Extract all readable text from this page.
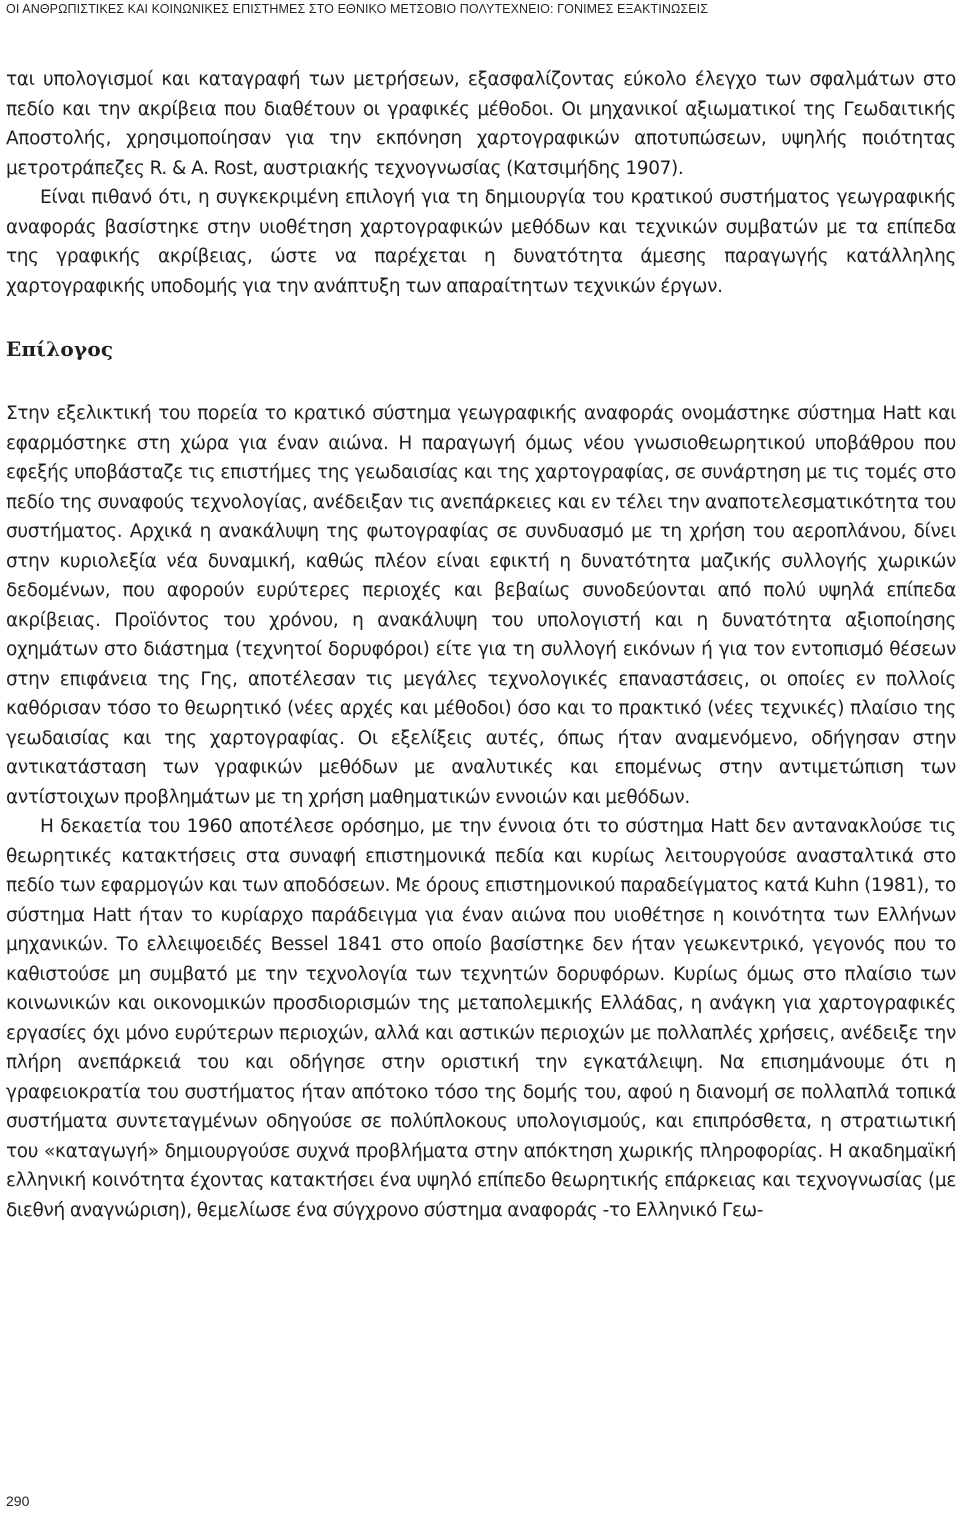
ΟΙ ΑΝΘΡΩΠΙΣΤΙΚΕΣ ΚΑΙ ΚΟΙΝΩΝΙΚΕΣ ΕΠΙΣΤΗΜΕΣ ΣΤΟ ΕΘΝΙΚΟ ΜΕΤΣΟΒΙΟ ΠΟΛΥΤΕΧΝΕΙΟ: ΓΟΝΙΜΕΣ ΕΞΑΚΤΙΝΩΣΕΙΣ

ται υπολογισμοί και καταγραφή των μετρήσεων, εξασφαλίζοντας εύκολο έλεγχο των σφαλμάτων στο πεδίο και την ακρίβεια που διαθέτουν οι γραφικές μέθοδοι. Οι μηχανικοί αξιωματικοί της Γεωδαιτικής Αποστολής, χρησιμοποίησαν για την εκπόνηση χαρτογραφικών αποτυπώσεων, υψηλής ποιότητας μετροτράπεζες R. & A. Rost, αυστριακής τεχνογνωσίας (Κατσιμήδης 1907).

Είναι πιθανό ότι, η συγκεκριμένη επιλογή για τη δημιουργία του κρατικού συστήματος γεωγραφικής αναφοράς βασίστηκε στην υιοθέτηση χαρτογραφικών μεθόδων και τεχνικών συμβατών με τα επίπεδα της γραφικής ακρίβειας, ώστε να παρέχεται η δυνατότητα άμεσης παραγωγής κατάλληλης χαρτογραφικής υποδομής για την ανάπτυξη των απαραίτητων τεχνικών έργων.

Επίλογος

Στην εξελικτική του πορεία το κρατικό σύστημα γεωγραφικής αναφοράς ονομάστηκε σύστημα Hatt και εφαρμόστηκε στη χώρα για έναν αιώνα. Η παραγωγή όμως νέου γνωσιοθεωρητικού υποβάθρου που εφεξής υποβάσταζε τις επιστήμες της γεωδαισίας και της χαρτογραφίας, σε συνάρτηση με τις τομές στο πεδίο της συναφούς τεχνολογίας, ανέδειξαν τις ανεπάρκειες και εν τέλει την αναποτελεσματικότητα του συστήματος. Αρχικά η ανακάλυψη της φωτογραφίας σε συνδυασμό με τη χρήση του αεροπλάνου, δίνει στην κυριολεξία νέα δυναμική, καθώς πλέον είναι εφικτή η δυνατότητα μαζικής συλλογής χωρικών δεδομένων, που αφορούν ευρύτερες περιοχές και βεβαίως συνοδεύονται από πολύ υψηλά επίπεδα ακρίβειας. Προϊόντος του χρόνου, η ανακάλυψη του υπολογιστή και η δυνατότητα αξιοποίησης οχημάτων στο διάστημα (τεχνητοί δορυφόροι) είτε για τη συλλογή εικόνων ή για τον εντοπισμό θέσεων στην επιφάνεια της Γης, αποτέλεσαν τις μεγάλες τεχνολογικές επαναστάσεις, οι οποίες εν πολλοίς καθόρισαν τόσο το θεωρητικό (νέες αρχές και μέθοδοι) όσο και το πρακτικό (νέες τεχνικές) πλαίσιο της γεωδαισίας και της χαρτογραφίας. Οι εξελίξεις αυτές, όπως ήταν αναμενόμενο, οδήγησαν στην αντικατάσταση των γραφικών μεθόδων με αναλυτικές και επομένως στην αντιμετώπιση των αντίστοιχων προβλημάτων με τη χρήση μαθηματικών εννοιών και μεθόδων.

Η δεκαετία του 1960 αποτέλεσε ορόσημο, με την έννοια ότι το σύστημα Hatt δεν αντανακλούσε τις θεωρητικές κατακτήσεις στα συναφή επιστημονικά πεδία και κυρίως λειτουργούσε ανασταλτικά στο πεδίο των εφαρμογών και των αποδόσεων. Με όρους επιστημονικού παραδείγματος κατά Kuhn (1981), το σύστημα Hatt ήταν το κυρίαρχο παράδειγμα για έναν αιώνα που υιοθέτησε η κοινότητα των Ελλήνων μηχανικών. Το ελλειψοειδές Bessel 1841 στο οποίο βασίστηκε δεν ήταν γεωκεντρικό, γεγονός που το καθιστούσε μη συμβατό με την τεχνολογία των τεχνητών δορυφόρων. Κυρίως όμως στο πλαίσιο των κοινωνικών και οικονομικών προσδιορισμών της μεταπολεμικής Ελλάδας, η ανάγκη για χαρτογραφικές εργασίες όχι μόνο ευρύτερων περιοχών, αλλά και αστικών περιοχών με πολλαπλές χρήσεις, ανέδειξε την πλήρη ανεπάρκειά του και οδήγησε στην οριστική την εγκατάλειψη. Να επισημάνουμε ότι η γραφειοκρατία του συστήματος ήταν απότοκο τόσο της δομής του, αφού η διανομή σε πολλαπλά τοπικά συστήματα συντεταγμένων οδηγούσε σε πολύπλοκους υπολογισμούς, και επιπρόσθετα, η στρατιωτική του «καταγωγή» δημιουργούσε συχνά προβλήματα στην απόκτηση χωρικής πληροφορίας. Η ακαδημαϊκή ελληνική κοινότητα έχοντας κατακτήσει ένα υψηλό επίπεδο θεωρητικής επάρκειας και τεχνογνωσίας (με διεθνή αναγνώριση), θεμελίωσε ένα σύγχρονο σύστημα αναφοράς -το Ελληνικό Γεω-

290
